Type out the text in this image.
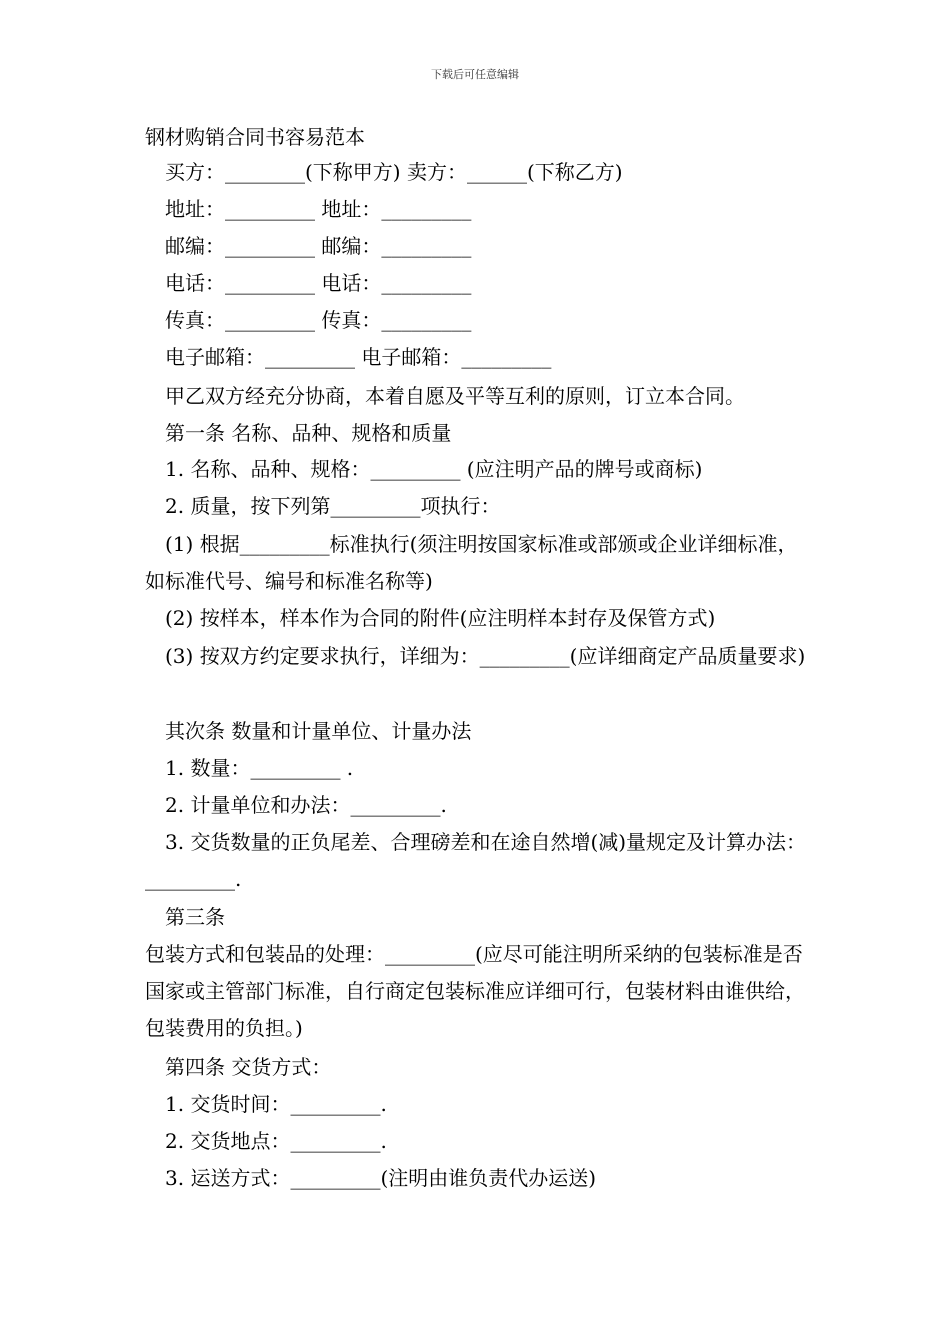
下载后可任意编辑
钢材购销合同书容易范本
买方：________(下称甲方) 卖方：______(下称乙方)
地址：_________ 地址：_________
邮编：_________ 邮编：_________
电话：_________ 电话：_________
传真：_________ 传真：_________
电子邮箱：_________ 电子邮箱：_________
甲乙双方经充分协商，本着自愿及平等互利的原则，订立本合同。
第一条 名称、品种、规格和质量
1. 名称、品种、规格：_________ (应注明产品的牌号或商标)
2. 质量，按下列第_________项执行：
(1) 根据_________标准执行(须注明按国家标准或部颁或企业详细标准，如标准代号、编号和标准名称等)
(2) 按样本，样本作为合同的附件(应注明样本封存及保管方式)
(3) 按双方约定要求执行，详细为：_________(应详细商定产品质量要求)
其次条 数量和计量单位、计量办法
1. 数量：_________ .
2. 计量单位和办法：_________.
3. 交货数量的正负尾差、合理磅差和在途自然增(减)量规定及计算办法：_________.
第三条
包装方式和包装品的处理：_________(应尽可能注明所采纳的包装标准是否国家或主管部门标准，自行商定包装标准应详细可行，包装材料由谁供给，包装费用的负担。)
第四条 交货方式：
1. 交货时间：_________.
2. 交货地点：_________.
3. 运送方式：_________(注明由谁负责代办运送)
